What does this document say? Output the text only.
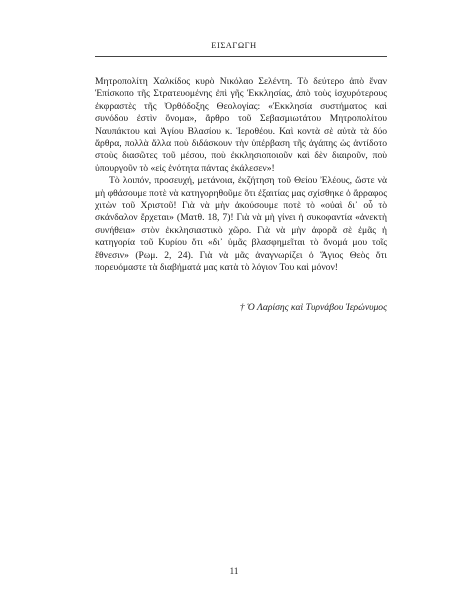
ΕΙΣΑΓΩΓΗ

Μητροπολίτη Χαλκίδος κυρὸ Νικόλαο Σελέντη. Τὸ δεύτερο ἀπὸ ἕναν Ἐπίσκοπο τῆς Στρατευομένης ἐπὶ γῆς Ἐκκλησίας, ἀπὸ τοὺς ἰσχυρότερους ἐκφραστὲς τῆς Ὀρθόδοξης Θεολογίας: «Ἐκκλησία συστήματος καὶ συνόδου ἐστὶν ὄνομα», ἄρθρο τοῦ Σεβασμιωτάτου Μητροπολίτου Ναυπάκτου καὶ Ἁγίου Βλασίου κ. Ἱεροθέου. Καὶ κοντὰ σὲ αὐτὰ τὰ δύο ἄρθρα, πολλὰ ἄλλα ποὺ διδάσκουν τὴν ὑπέρβαση τῆς ἀγάπης ὡς ἀντίδοτο στοὺς διασῶτες τοῦ μέσου, ποὺ ἐκκλησιοποιοῦν καὶ δὲν διαιροῦν, ποὺ ὑπουργοῦν τὸ «εἰς ἑνότητα πάντας ἐκάλεσεν»!

Τὸ λοιπόν, προσευχή, μετάνοια, ἐκζήτηση τοῦ Θείου Ἐλέους, ὥστε νὰ μὴ φθάσουμε ποτὲ νὰ κατηγορηθοῦμε ὅτι ἐξαιτίας μας σχίσθηκε ὁ ἄρραφος χιτὼν τοῦ Χριστοῦ! Γιὰ νὰ μὴν ἀκούσουμε ποτὲ τὸ «οὐαὶ δι᾽ οὗ τὸ σκάνδαλον ἔρχεται» (Ματθ. 18, 7)! Γιὰ νὰ μὴ γίνει ἡ συκοφαντία «ἀνεκτὴ συνήθεια» στὸν ἐκκλησιαστικὸ χῶρο. Γιὰ νὰ μὴν ἀφορᾶ σὲ ἐμᾶς ἡ κατηγορία τοῦ Κυρίου ὅτι «δι᾽ ὑμᾶς βλασφημεῖται τὸ ὄνομά μου τοῖς ἔθνεσιν» (Ρωμ. 2, 24). Γιὰ νὰ μᾶς ἀναγνωρίζει ὁ Ἅγιος Θεὸς ὅτι πορευόμαστε τὰ διαβήματά μας κατὰ τὸ λόγιον Του καὶ μόνον!

† Ὁ Λαρίσης καὶ Τυρνάβου Ἱερώνυμος
11
